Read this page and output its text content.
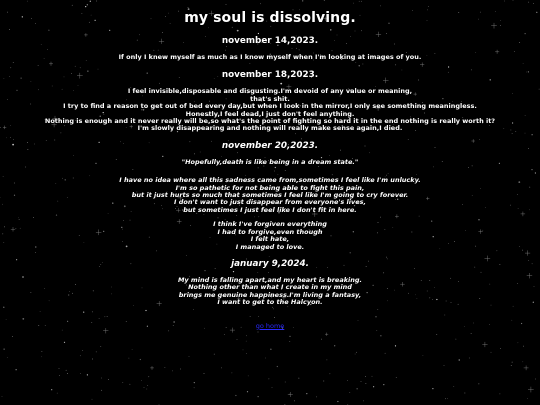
my soul is dissolving.
november 14,2023.

If only I knew myself as much as I know myself when I'm looking at images of you.

november 18,2023.

I feel invisible,disposable and disgusting.I'm devoid of any value or meaning,
that's shit.
I try to find a reason to get out of bed every day,but when I look in the mirror,I only see something meaningless.
Honestly,I feel dead,I just don't feel anything.
Nothing is enough and it never really will be,so what's the point of fighting so hard it in the end nothing is really worth it?
I'm slowly disappearing and nothing will really make sense again,I died.

november 20,2023.

"Hopefully,death is like being in a dream state."

I have no idea where all this sadness came from,sometimes I feel like I'm unlucky.
I'm so pathetic for not being able to fight this pain,
but it just hurts so much that sometimes I feel like I'm going to cry forever.
I don't want to just disappear from everyone's lives,
but sometimes I just feel like I don't fit in here.

I think I've forgiven everything
I had to forgive,even though
I felt hate,
I managed to love.

january 9,2024.

My mind is falling apart,and my heart is breaking.
Nothing other than what I create in my mind
brings me genuine happiness.I'm living a fantasy,
I want to get to the Halcyon.

go home
